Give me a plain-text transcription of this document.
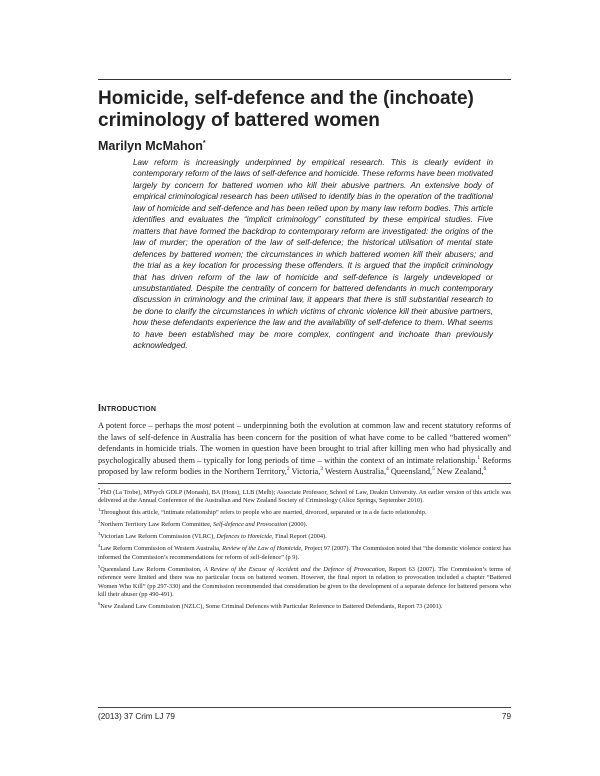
Homicide, self-defence and the (inchoate) criminology of battered women

Marilyn McMahon*

Law reform is increasingly underpinned by empirical research. This is clearly evident in contemporary reform of the laws of self-defence and homicide. These reforms have been motivated largely by concern for battered women who kill their abusive partners. An extensive body of empirical criminological research has been utilised to identify bias in the operation of the traditional law of homicide and self-defence and has been relied upon by many law reform bodies. This article identifies and evaluates the “implicit criminology” constituted by these empirical studies. Five matters that have formed the backdrop to contemporary reform are investigated: the origins of the law of murder; the operation of the law of self-defence; the historical utilisation of mental state defences by battered women; the circumstances in which battered women kill their abusers; and the trial as a key location for processing these offenders. It is argued that the implicit criminology that has driven reform of the law of homicide and self-defence is largely undeveloped or unsubstantiated. Despite the centrality of concern for battered defendants in much contemporary discussion in criminology and the criminal law, it appears that there is still substantial research to be done to clarify the circumstances in which victims of chronic violence kill their abusive partners, how these defendants experience the law and the availability of self-defence to them. What seems to have been established may be more complex, contingent and inchoate than previously acknowledged.

Introduction

A potent force – perhaps the most potent – underpinning both the evolution at common law and recent statutory reforms of the laws of self-defence in Australia has been concern for the position of what have come to be called “battered women” defendants in homicide trials. The women in question have been brought to trial after killing men who had physically and psychologically abused them – typically for long periods of time – within the context of an intimate relationship.$^1$ Reforms proposed by law reform bodies in the Northern Territory,$^2$ Victoria,$^3$ Western Australia,$^4$ Queensland,$^5$ New Zealand,$^6$

*PhD (La Trobe), MPsych GDLP (Monash), BA (Hons), LLB (Melb); Associate Professor, School of Law, Deakin University. An earlier version of this article was delivered at the Annual Conference of the Australian and New Zealand Society of Criminology (Alice Springs, September 2010).

$^1$Throughout this article, “intimate relationship” refers to people who are married, divorced, separated or in a de facto relationship.

$^2$Northern Territory Law Reform Committee, Self-defence and Provocation (2000).

$^3$Victorian Law Reform Commission (VLRC), Defences to Homicide, Final Report (2004).

$^4$Law Reform Commission of Western Australia, Review of the Law of Homicide, Project 97 (2007). The Commission noted that “the domestic violence context has informed the Commission’s recommendations for reform of self-defence” (p 9).

$^5$Queensland Law Reform Commission, A Review of the Excuse of Accident and the Defence of Provocation, Report 63 (2007). The Commission’s terms of reference were limited and there was no particular focus on battered women. However, the final report in relation to provocation included a chapter “Battered Women Who Kill” (pp 297-330) and the Commission recommended that consideration be given to the development of a separate defence for battered persons who kill their abuser (pp 490-491).

$^6$New Zealand Law Commission (NZLC), Some Criminal Defences with Particular Reference to Battered Defendants, Report 73 (2001).

(2013) 37 Crim LJ 79	79
